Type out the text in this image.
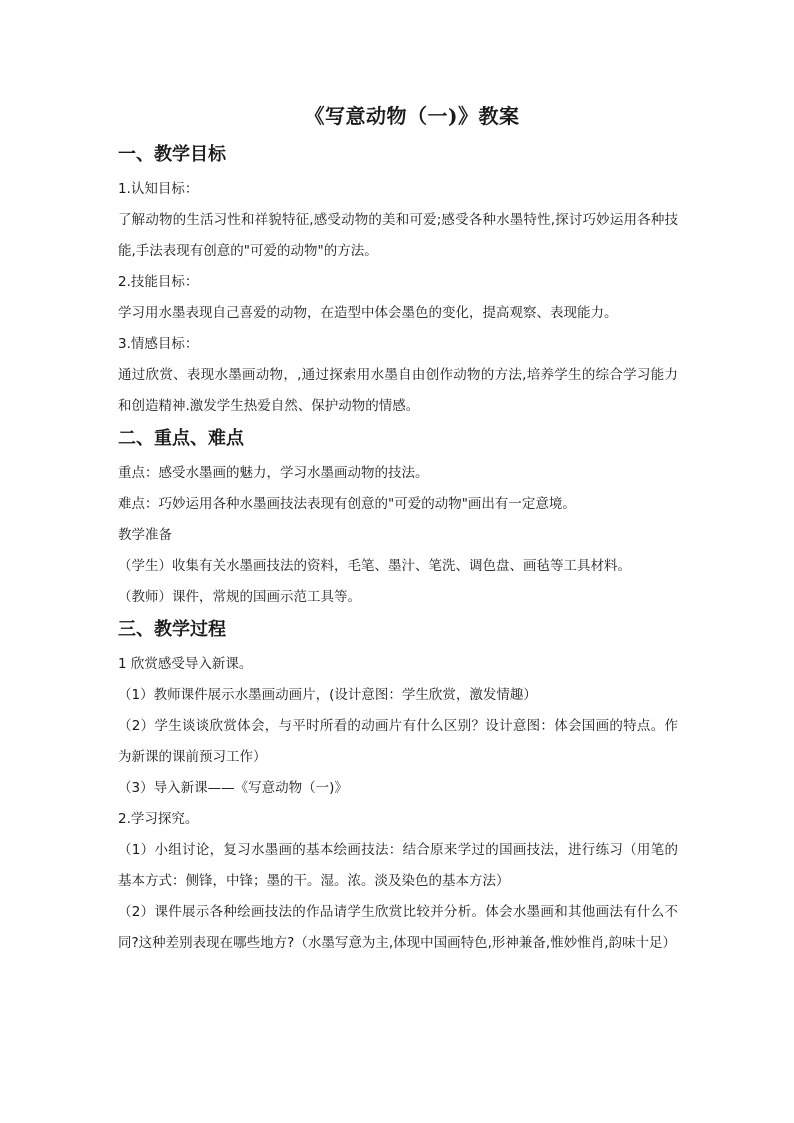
《写意动物（一)》教案
一、教学目标

1.认知目标：

了解动物的生活习性和祥貌特征,感受动物的美和可爱;感受各种水墨特性,探讨巧妙运用各种技能,手法表现有创意的"可爱的动物"的方法。

2.技能目标：

学习用水墨表现自己喜爱的动物，在造型中体会墨色的变化，提高观察、表现能力。

3.情感目标：

通过欣赏、表现水墨画动物，,通过探索用水墨自由创作动物的方法,培养学生的综合学习能力和创造精神.激发学生热爱自然、保护动物的情感。

二、重点、难点

重点：感受水墨画的魅力，学习水墨画动物的技法。

难点：巧妙运用各种水墨画技法表现有创意的"可爱的动物"画出有一定意境。

教学准备

（学生）收集有关水墨画技法的资料，毛笔、墨汁、笔洗、调色盘、画毡等工具材料。

（教师）课件，常规的国画示范工具等。

三、教学过程

1 欣赏感受导入新课。

（1）教师课件展示水墨画动画片，(设计意图：学生欣赏，激发情趣）

（2）学生谈谈欣赏体会，与平时所看的动画片有什么区别？设计意图：体会国画的特点。作为新课的课前预习工作）

（3）导入新课——《写意动物（一)》

2.学习探究。

（1）小组讨论，复习水墨画的基本绘画技法：结合原来学过的国画技法，进行练习（用笔的基本方式：侧锋，中锋；墨的干。湿。浓。淡及染色的基本方法）

（2）课件展示各种绘画技法的作品请学生欣赏比较并分析。体会水墨画和其他画法有什么不同?这种差别表现在哪些地方?（水墨写意为主,体现中国画特色,形神兼备,惟妙惟肖,韵味十足）
